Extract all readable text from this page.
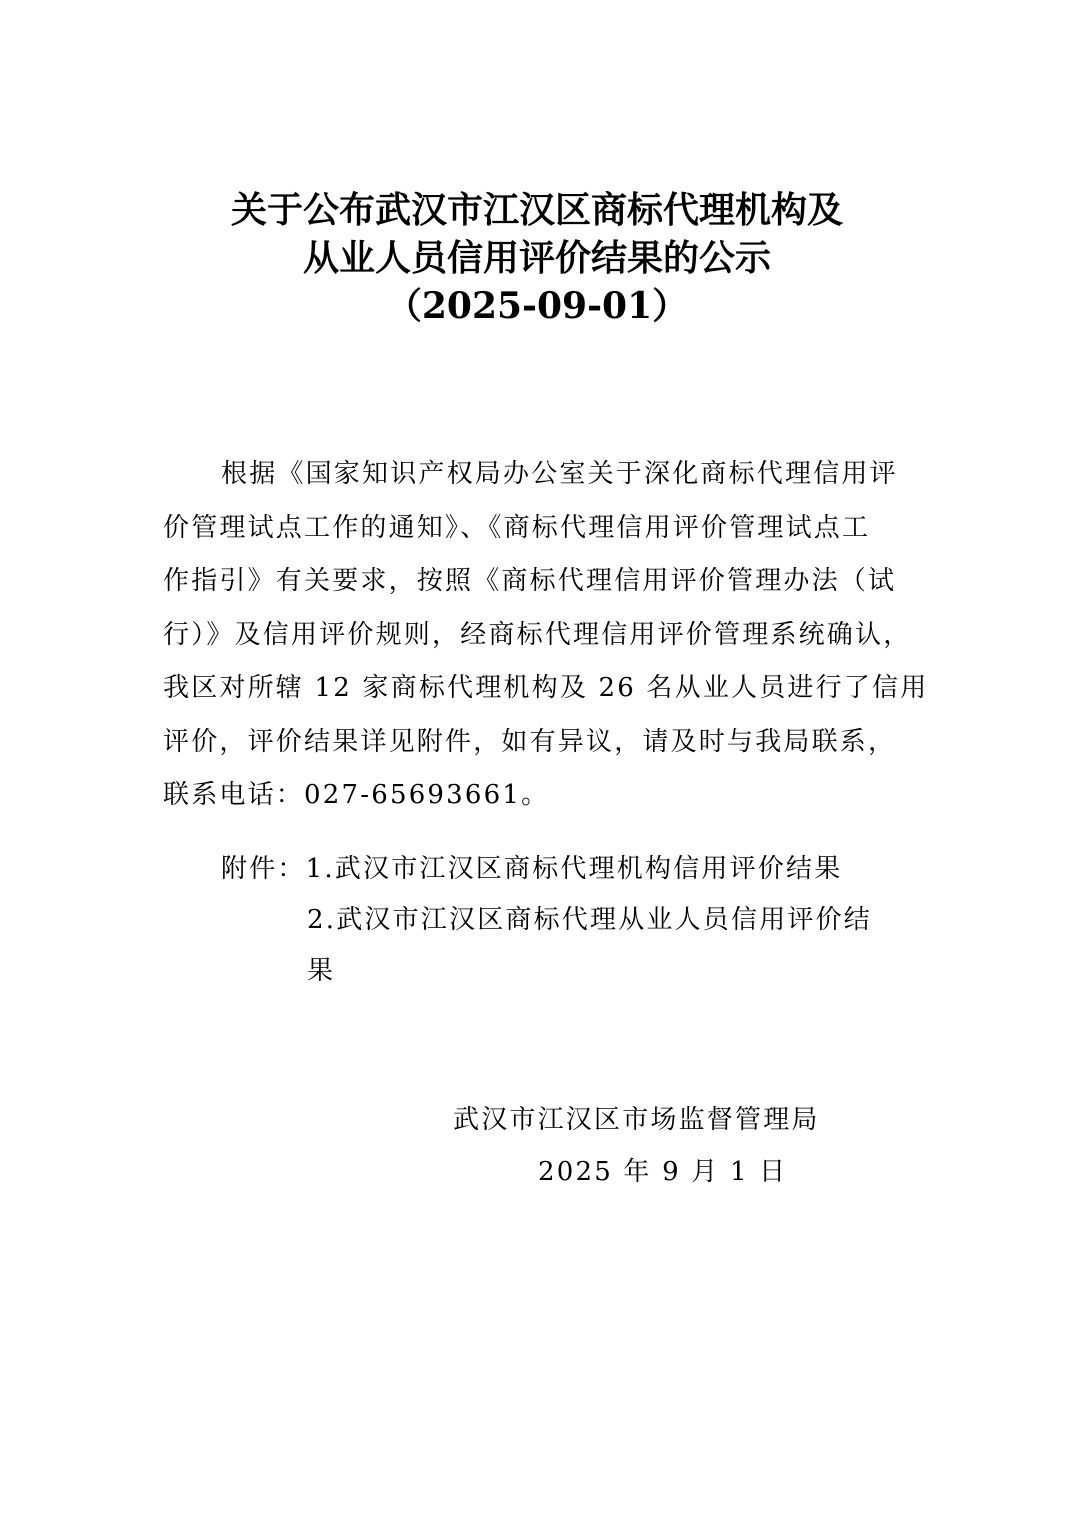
关于公布武汉市江汉区商标代理机构及
从业人员信用评价结果的公示
（2025-09-01）
根据《国家知识产权局办公室关于深化商标代理信用评
价管理试点工作的通知》、《商标代理信用评价管理试点工
作指引》有关要求，按照《商标代理信用评价管理办法（试
行）》及信用评价规则，经商标代理信用评价管理系统确认，
我区对所辖 12 家商标代理机构及 26 名从业人员进行了信用
评价，评价结果详见附件，如有异议，请及时与我局联系，
联系电话：027-65693661。
附件：1.武汉市江汉区商标代理机构信用评价结果
2.武汉市江汉区商标代理从业人员信用评价结
果
武汉市江汉区市场监督管理局
2025 年 9 月 1 日
